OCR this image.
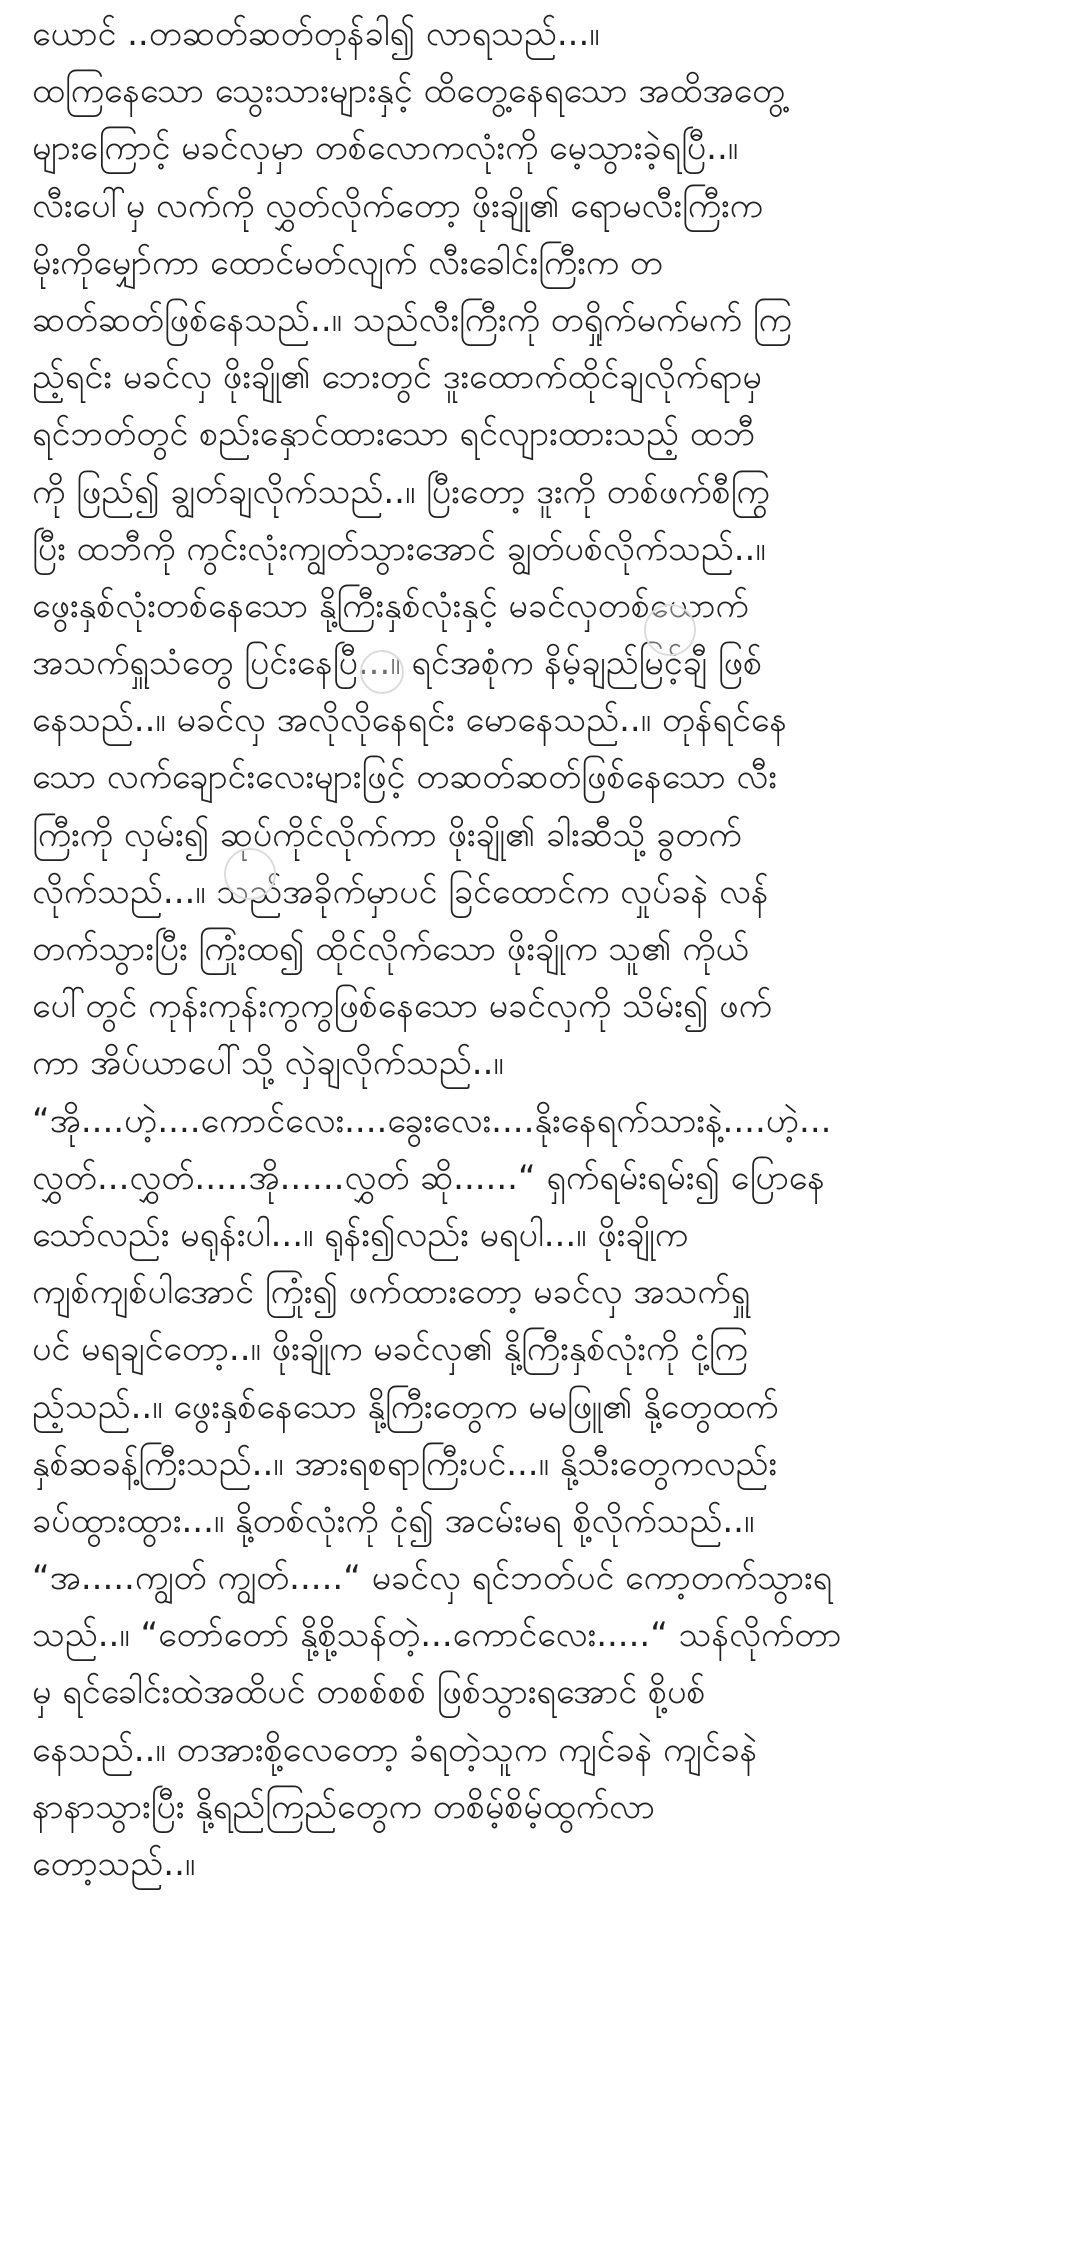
ယောင် ..တဆတ်ဆတ်တုန်ခါ၍ လာရသည်...။
ထကြနေသော သွေးသားများနှင့် ထိတွေ့နေရသော အထိအတွေ့
များကြောင့် မခင်လှမှာ တစ်လောကလုံးကို မေ့သွားခဲ့ရပြီ..။
လီးပေါ်မှ လက်ကို လွှတ်လိုက်တော့ ဖိုးချို၏ ရောမလီးကြီးက
မိုးကိုမျှော်ကာ ထောင်မတ်လျက် လီးခေါင်းကြီးက တ
ဆတ်ဆတ်ဖြစ်နေသည်..။ သည်လီးကြီးကို တရှိုက်မက်မက် ကြ
ည့်ရင်း မခင်လှ ဖိုးချို၏ ဘေးတွင် ဒူးထောက်ထိုင်ချလိုက်ရာမှ
ရင်ဘတ်တွင် စည်းနှောင်ထားသော ရင်လျားထားသည့် ထဘီ
ကို ဖြည်၍ ချွတ်ချလိုက်သည်..။ ပြီးတော့ ဒူးကို တစ်ဖက်စီကြွ
ပြီး ထဘီကို ကွင်းလုံးကျွတ်သွားအောင် ချွတ်ပစ်လိုက်သည်..။
ဖွေးနှစ်လုံးတစ်နေသော နို့ကြီးနှစ်လုံးနှင့် မခင်လှတစ်ယောက်
အသက်ရှူသံတွေ ပြင်းနေပြီ...။ ရင်အစုံက နိမ့်ချည်မြင့်ချီ ဖြစ်
နေသည်..။ မခင်လှ အလိုလိုနေရင်း မောနေသည်..။ တုန်ရင်နေ
သော လက်ချောင်းလေးများဖြင့် တဆတ်ဆတ်ဖြစ်နေသော လီး
ကြီးကို လှမ်း၍ ဆုပ်ကိုင်လိုက်ကာ ဖိုးချို၏ ခါးဆီသို့ ခွတက်
လိုက်သည်...။ သည်အခိုက်မှာပင် ခြင်ထောင်က လှုပ်ခနဲ လန်
တက်သွားပြီး ကြုံးထ၍ ထိုင်လိုက်သော ဖိုးချိုက သူ၏ ကိုယ်
ပေါ်တွင် ကုန်းကုန်းကွကွဖြစ်နေသော မခင်လှကို သိမ်း၍ ဖက်
ကာ အိပ်ယာပေါ်သို့ လှဲချလိုက်သည်..။
“အို....ဟဲ့....ကောင်လေး....ခွေးလေး....နိုးနေရက်သားနဲ့....ဟဲ့...
လွှတ်...လွှတ်.....အို......လွှတ် ဆို......“ ရှက်ရမ်းရမ်း၍ ပြောနေ
သော်လည်း မရုန်းပါ...။ ရုန်း၍လည်း မရပါ...။ ဖိုးချိုက
ကျစ်ကျစ်ပါအောင် ကြုံး၍ ဖက်ထားတော့ မခင်လှ အသက်ရှူ
ပင် မရချင်တော့..။ ဖိုးချိုက မခင်လှ၏ နို့ကြီးနှစ်လုံးကို ငုံ့ကြ
ည့်သည်..။ ဖွေးနှစ်နေသော နို့ကြီးတွေက မမဖြူ၏ နို့တွေထက်
နှစ်ဆခန့်ကြီးသည်..။ အားရစရာကြီးပင်...။ နို့သီးတွေကလည်း
ခပ်ထွားထွား...။ နို့တစ်လုံးကို ငုံ၍ အငမ်းမရ စို့လိုက်သည်..။
“အ.....ကျွတ် ကျွတ်.....“ မခင်လှ ရင်ဘတ်ပင် ကော့တက်သွားရ
သည်..။ “တော်တော် နို့စို့သန်တဲ့...ကောင်လေး.....“ သန်လိုက်တာ
မှ ရင်ခေါင်းထဲအထိပင် တစစ်စစ် ဖြစ်သွားရအောင် စို့ပစ်
နေသည်..။ တအားစို့လေတော့ ခံရတဲ့သူက ကျင်ခနဲ ကျင်ခနဲ
နာနာသွားပြီး နို့ရည်ကြည်တွေက တစိမ့်စိမ့်ထွက်လာ
တော့သည်..။
